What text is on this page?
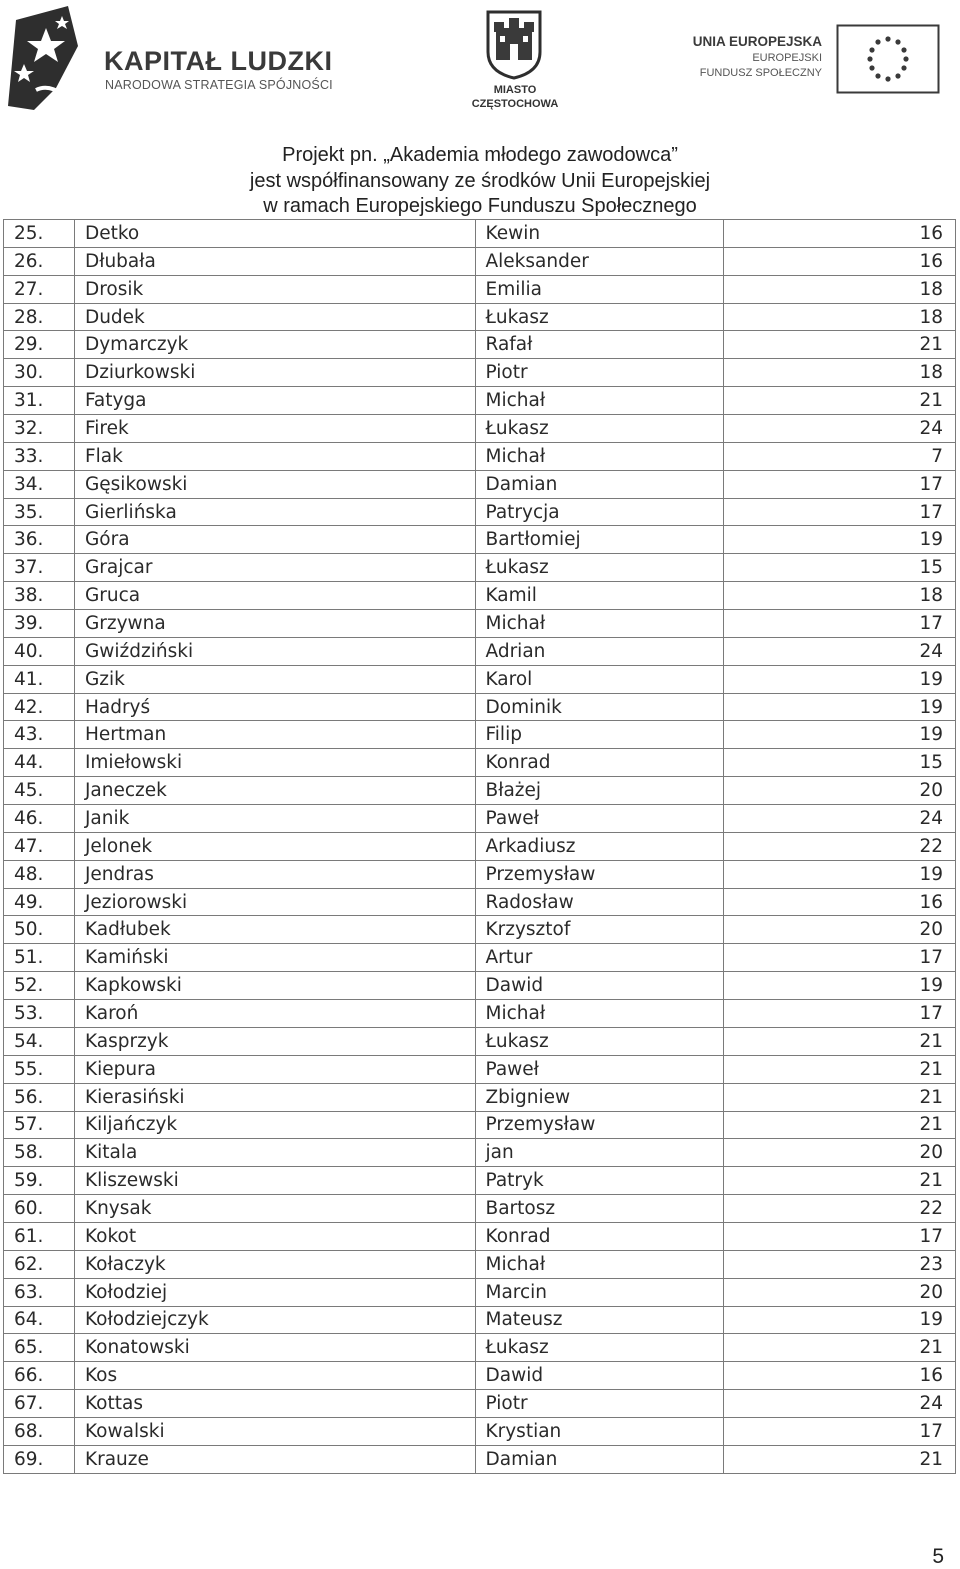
KAPITAŁ LUDZKI
NARODOWA STRATEGIA SPÓJNOŚCI	MIASTO
CZĘSTOCHOWA
UNIA EUROPEJSKA
EUROPEJSKI
FUNDUSZ SPOŁECZNY
Projekt pn. „Akademia młodego zawodowca”
jest współfinansowany ze środków Unii Europejskiej
w ramach Europejskiego Funduszu Społecznego
25.	Detko	Kewin	16
26.	Dłubała	Aleksander	16
27.	Drosik	Emilia	18
28.	Dudek	Łukasz	18
29.	Dymarczyk	Rafał	21
30.	Dziurkowski	Piotr	18
31.	Fatyga	Michał	21
32.	Firek	Łukasz	24
33.	Flak	Michał	7
34.	Gęsikowski	Damian	17
35.	Gierlińska	Patrycja	17
36.	Góra	Bartłomiej	19
37.	Grajcar	Łukasz	15
38.	Gruca	Kamil	18
39.	Grzywna	Michał	17
40.	Gwiździński	Adrian	24
41.	Gzik	Karol	19
42.	Hadryś	Dominik	19
43.	Hertman	Filip	19
44.	Imiełowski	Konrad	15
45.	Janeczek	Błażej	20
46.	Janik	Paweł	24
47.	Jelonek	Arkadiusz	22
48.	Jendras	Przemysław	19
49.	Jeziorowski	Radosław	16
50.	Kadłubek	Krzysztof	20
51.	Kamiński	Artur	17
52.	Kapkowski	Dawid	19
53.	Karoń	Michał	17
54.	Kasprzyk	Łukasz	21
55.	Kiepura	Paweł	21
56.	Kierasiński	Zbigniew	21
57.	Kiljańczyk	Przemysław	21
58.	Kitala	jan	20
59.	Kliszewski	Patryk	21
60.	Knysak	Bartosz	22
61.	Kokot	Konrad	17
62.	Kołaczyk	Michał	23
63.	Kołodziej	Marcin	20
64.	Kołodziejczyk	Mateusz	19
65.	Konatowski	Łukasz	21
66.	Kos	Dawid	16
67.	Kottas	Piotr	24
68.	Kowalski	Krystian	17
69.	Krauze	Damian	21
5
